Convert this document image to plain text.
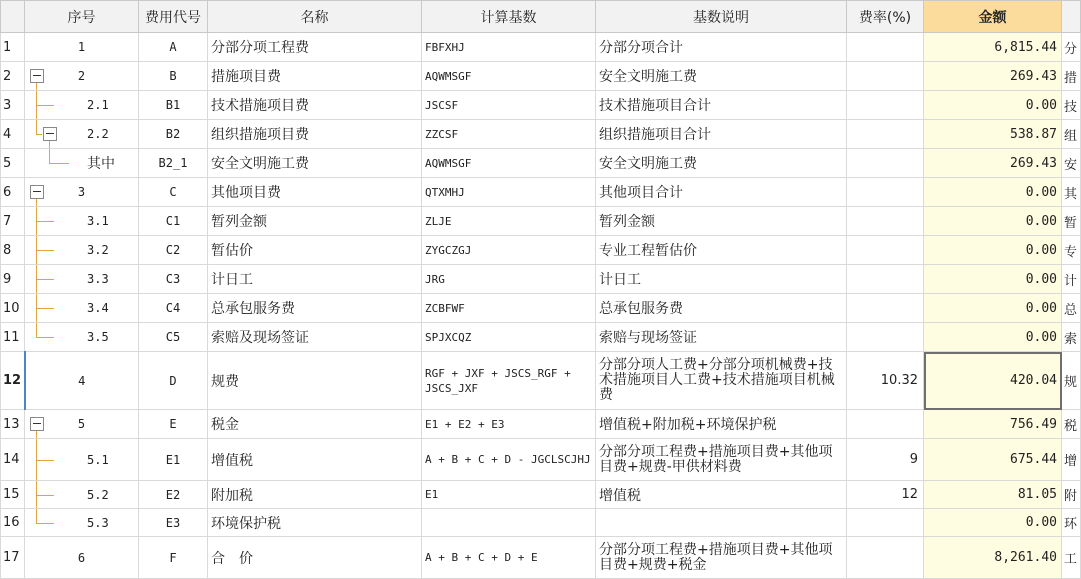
	序号	费用代号	名称	计算基数	基数说明	费率(%)	金额	
1	1	A	分部分项工程费	FBFXHJ	分部分项合计		6,815.44	分
2	2	B	措施项目费	AQWMSGF	安全文明施工费		269.43	措
3	2.1	B1	技术措施项目费	JSCSF	技术措施项目合计		0.00	技
4	2.2	B2	组织措施项目费	ZZCSF	组织措施项目合计		538.87	组
5	其中	B2_1	安全文明施工费	AQWMSGF	安全文明施工费		269.43	安
6	3	C	其他项目费	QTXMHJ	其他项目合计		0.00	其
7	3.1	C1	暂列金额	ZLJE	暂列金额		0.00	暂
8	3.2	C2	暂估价	ZYGCZGJ	专业工程暂估价		0.00	专
9	3.3	C3	计日工	JRG	计日工		0.00	计
10	3.4	C4	总承包服务费	ZCBFWF	总承包服务费		0.00	总
11	3.5	C5	索赔及现场签证	SPJXCQZ	索赔与现场签证		0.00	索
12	4	D	规费	RGF + JXF + JSCS_RGF + JSCS_JXF	分部分项人工费+分部分项机械费+技术措施项目人工费+技术措施项目机械费	10.32	420.04	规
13	5	E	税金	E1 + E2 + E3	增值税+附加税+环境保护税		756.49	税
14	5.1	E1	增值税	A + B + C + D - JGCLSCJHJ	分部分项工程费+措施项目费+其他项目费+规费-甲供材料费	9	675.44	增
15	5.2	E2	附加税	E1	增值税	12	81.05	附
16	5.3	E3	环境保护税				0.00	环
17	6	F	合　价	A + B + C + D + E	分部分项工程费+措施项目费+其他项目费+规费+税金		8,261.40	工
